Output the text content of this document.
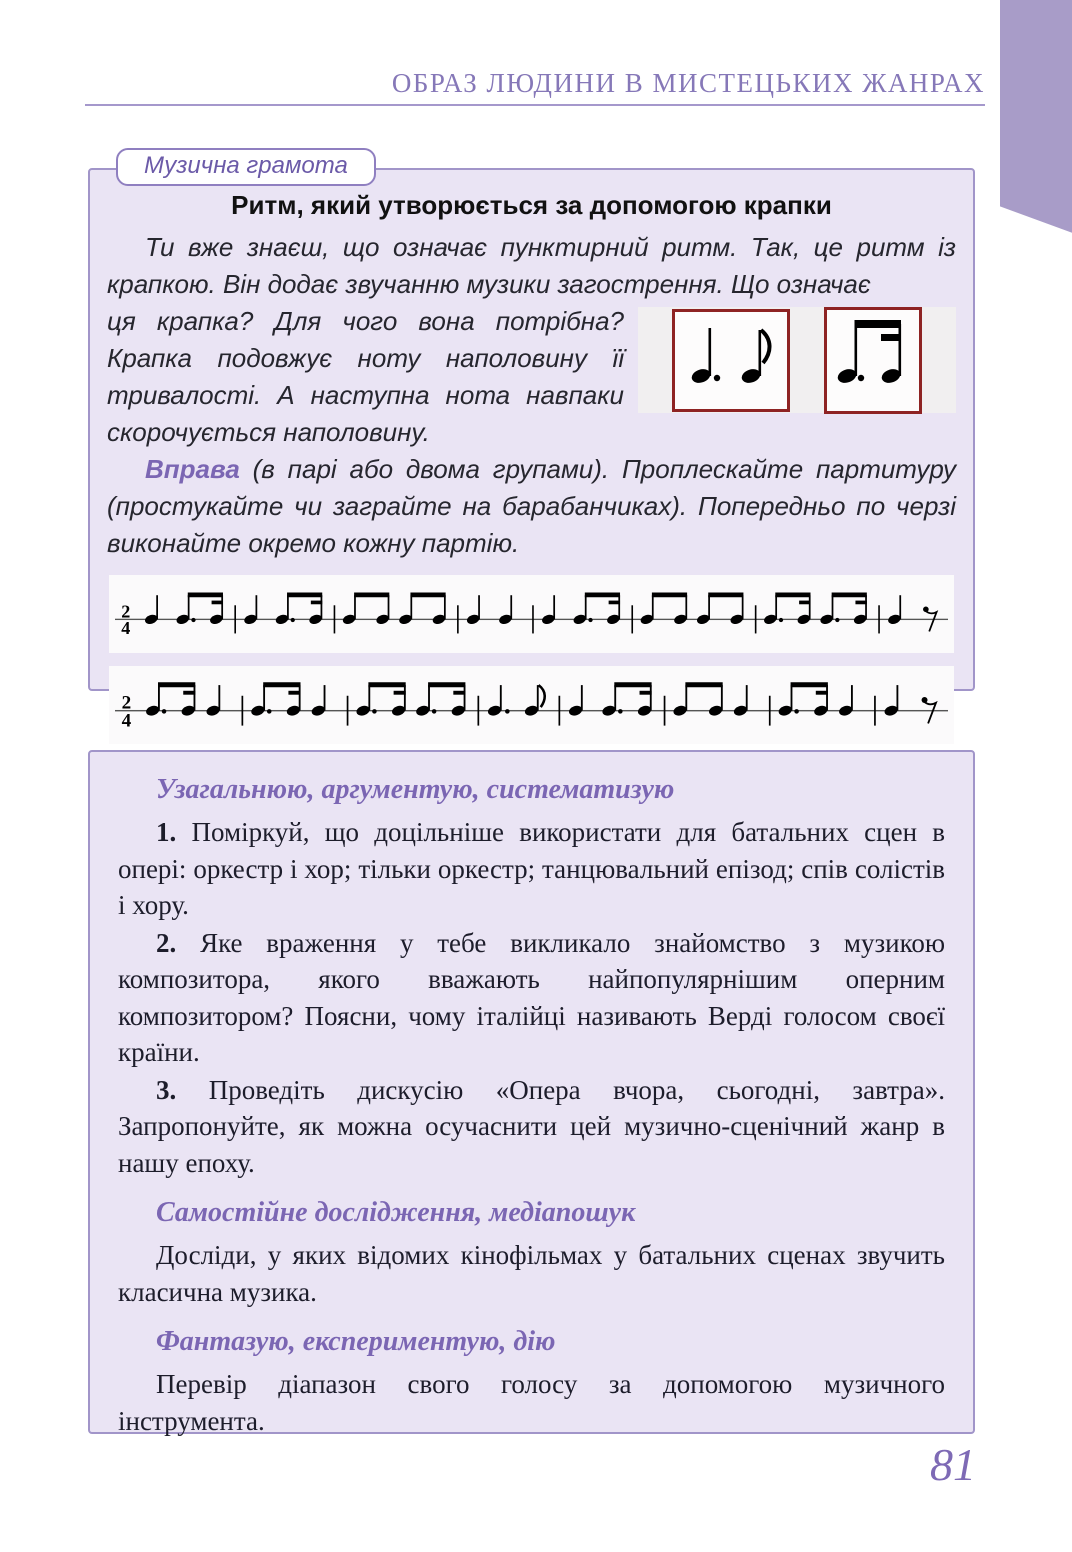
ОБРАЗ ЛЮДИНИ В МИСТЕЦЬКИХ ЖАНРАХ
Музична грамота
Ритм, який утворюється за допомогою крапки

Ти вже знаєш, що означає пунктирний ритм. Так, це ритм із крапкою. Він додає звучанню музики загострення. Що означає

ця крапка? Для чого вона потрібна? Крапка подовжує ноту наполовину її тривалості. А наступна нота навпаки скорочується наполовину.

Вправа (в парі або двома групами). Проплескайте партитуру (простукайте чи заграйте на барабанчиках). Попередньо по черзі виконайте окремо кожну партію.

2
4
2
4
Узагальнюю, аргументую, систематизую

1. Поміркуй, що доцільніше використати для батальних сцен в опері: оркестр і хор; тільки оркестр; танцювальний епізод; спів солістів і хору.

2. Яке враження у тебе викликало знайомство з музикою композитора, якого вважають найпопулярнішим оперним композитором? Поясни, чому італійці називають Верді голосом своєї країни.

3. Проведіть дискусію «Опера вчора, сьогодні, завтра». Запропонуйте, як можна осучаснити цей музично-сценічний жанр в нашу епоху.

Самостійне дослідження, медіапошук

Досліди, у яких відомих кінофільмах у батальних сценах звучить класична музика.

Фантазую, експериментую, дію

Перевір діапазон свого голосу за допомогою музичного інструмента.

81
